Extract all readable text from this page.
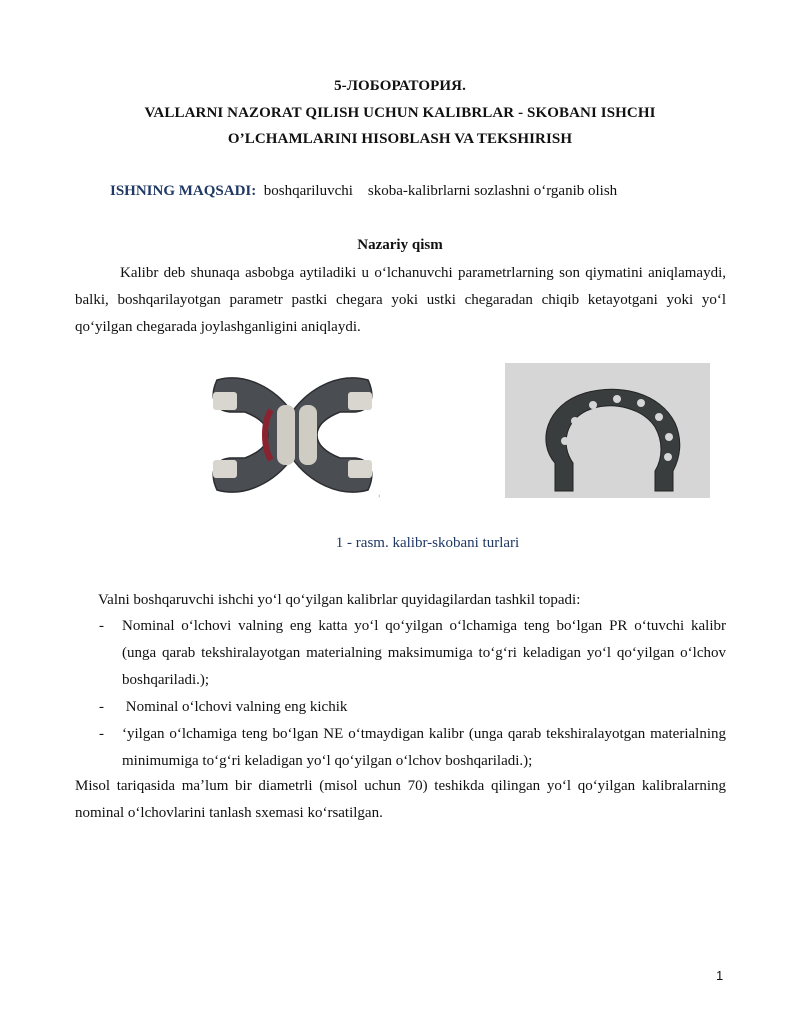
5-ЛОБОРАТОРИЯ.
VALLARNI NAZORAT QILISH UCHUN KALIBRLAR - SKOBANI ISHCHI
O’LCHAMLARINI HISOBLASH VA TEKSHIRISH
ISHNING MAQSADI: boshqariluvchi    skoba-kalibrlarni sozlashni oʻrganib olish
Nazariy qism
Kalibr deb shunaqa asbobga aytiladiki u oʻlchanuvchi parametrlarning son qiymatini aniqlamaydi, balki, boshqarilayotgan parametr pastki chegara yoki ustki chegaradan chiqib ketayotgani yoki yoʻl qoʻyilgan chegarada joylashganligini aniqlaydi.
1 - rasm. kalibr-skobani turlari
Valni boshqaruvchi ishchi yoʻl qoʻyilgan kalibrlar quyidagilardan tashkil topadi:
- Nominal oʻlchovi valning eng katta yoʻl qoʻyilgan oʻlchamiga teng boʻlgan PR oʻtuvchi kalibr (unga qarab tekshiralayotgan materialning maksimumiga toʻgʻri keladigan yoʻl qoʻyilgan oʻlchov boshqariladi.);
- Nominal oʻlchovi valning eng kichik
- ʻyilgan oʻlchamiga teng boʻlgan NE oʻtmaydigan kalibr (unga qarab tekshiralayotgan materialning minimumiga toʻgʻri keladigan yoʻl qoʻyilgan oʻlchov boshqariladi.);
Misol tariqasida maʼlum bir diametrli (misol uchun 70) teshikda qilingan yoʻl qoʻyilgan kalibralarning nominal oʻlchovlarini tanlash sxemasi koʻrsatilgan.
1
